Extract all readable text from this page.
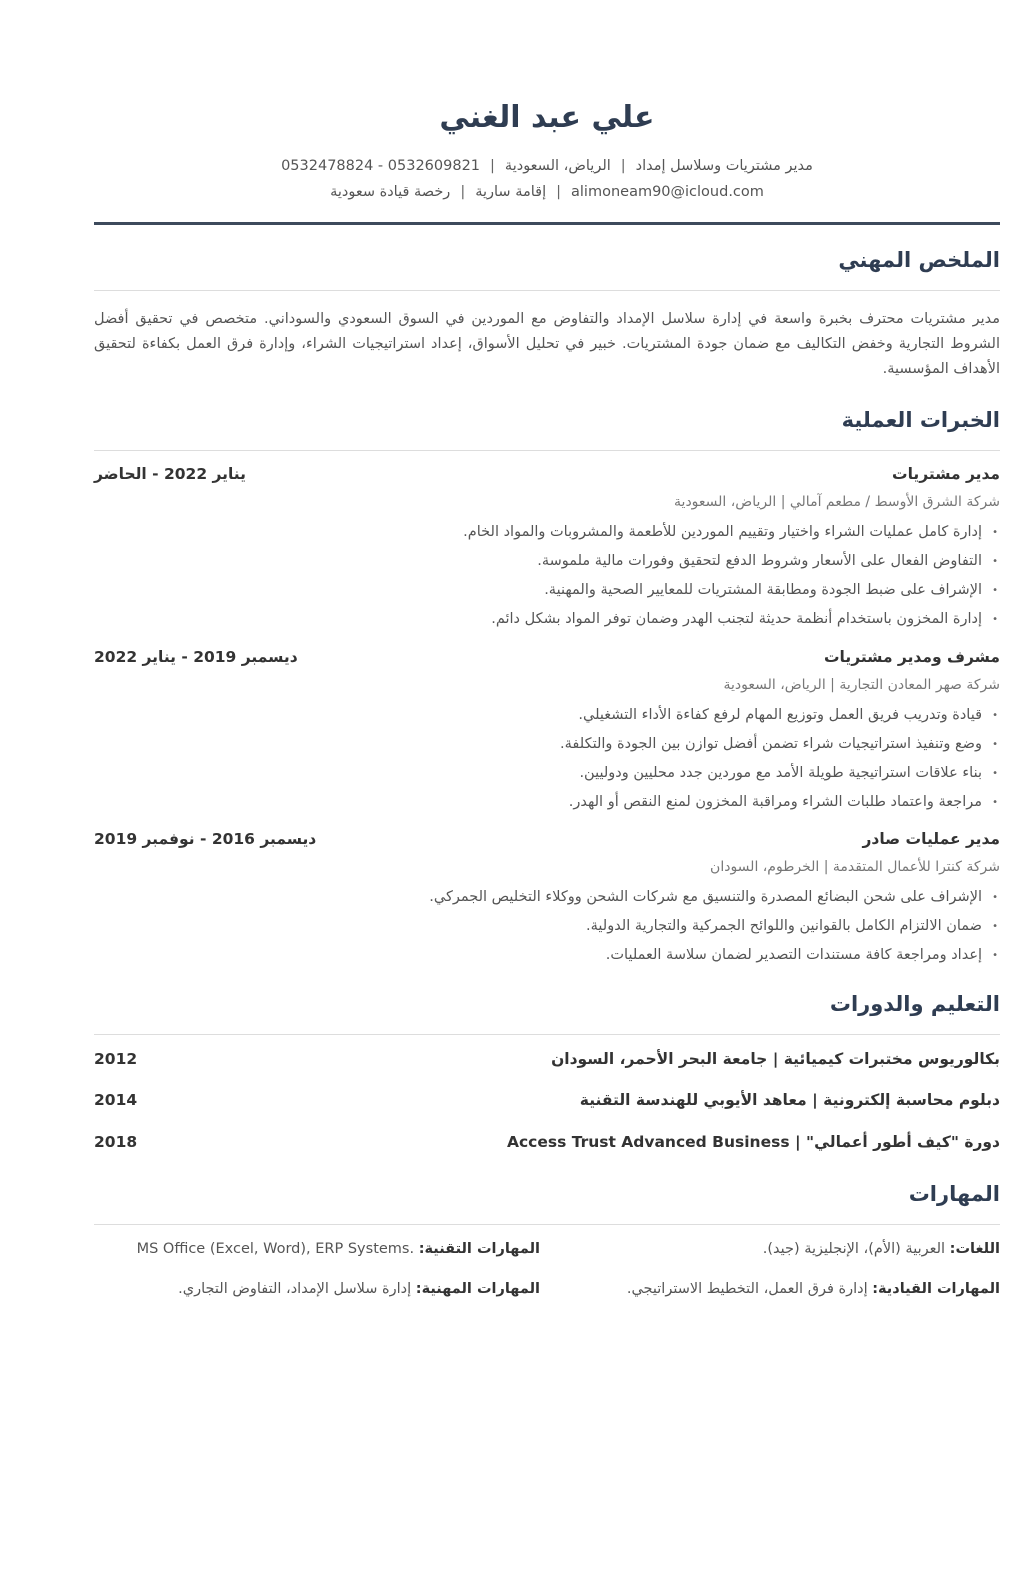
علي عبد الغني
مدير مشتريات وسلاسل إمداد|الرياض، السعودية|0532478824 - 0532609821
alimoneam90@icloud.com|إقامة سارية|رخصة قيادة سعودية
الملخص المهني

مدير مشتريات محترف بخبرة واسعة في إدارة سلاسل الإمداد والتفاوض مع الموردين في السوق السعودي والسوداني. متخصص في تحقيق أفضل الشروط التجارية وخفض التكاليف مع ضمان جودة المشتريات. خبير في تحليل الأسواق، إعداد استراتيجيات الشراء، وإدارة فرق العمل بكفاءة لتحقيق الأهداف المؤسسية.

الخبرات العملية
مدير مشتريات
يناير 2022 - الحاضر
شركة الشرق الأوسط / مطعم آمالي | الرياض، السعودية
• إدارة كامل عمليات الشراء واختيار وتقييم الموردين للأطعمة والمشروبات والمواد الخام.
• التفاوض الفعال على الأسعار وشروط الدفع لتحقيق وفورات مالية ملموسة.
• الإشراف على ضبط الجودة ومطابقة المشتريات للمعايير الصحية والمهنية.
• إدارة المخزون باستخدام أنظمة حديثة لتجنب الهدر وضمان توفر المواد بشكل دائم.
مشرف ومدير مشتريات
ديسمبر 2019 - يناير 2022
شركة صهر المعادن التجارية | الرياض، السعودية
• قيادة وتدريب فريق العمل وتوزيع المهام لرفع كفاءة الأداء التشغيلي.
• وضع وتنفيذ استراتيجيات شراء تضمن أفضل توازن بين الجودة والتكلفة.
• بناء علاقات استراتيجية طويلة الأمد مع موردين جدد محليين ودوليين.
• مراجعة واعتماد طلبات الشراء ومراقبة المخزون لمنع النقص أو الهدر.
مدير عمليات صادر
ديسمبر 2016 - نوفمبر 2019
شركة كنترا للأعمال المتقدمة | الخرطوم، السودان
• الإشراف على شحن البضائع المصدرة والتنسيق مع شركات الشحن ووكلاء التخليص الجمركي.
• ضمان الالتزام الكامل بالقوانين واللوائح الجمركية والتجارية الدولية.
• إعداد ومراجعة كافة مستندات التصدير لضمان سلاسة العمليات.
التعليم والدورات
بكالوريوس مختبرات كيميائية | جامعة البحر الأحمر، السودان
2012
دبلوم محاسبة إلكترونية | معاهد الأيوبي للهندسة التقنية
2014
دورة "كيف أطور أعمالي" | Access Trust Advanced Business
2018
المهارات
اللغات: العربية (الأم)، الإنجليزية (جيد).
المهارات التقنية: MS Office (Excel, Word), ERP Systems.
المهارات القيادية: إدارة فرق العمل، التخطيط الاستراتيجي.
المهارات المهنية: إدارة سلاسل الإمداد، التفاوض التجاري.
